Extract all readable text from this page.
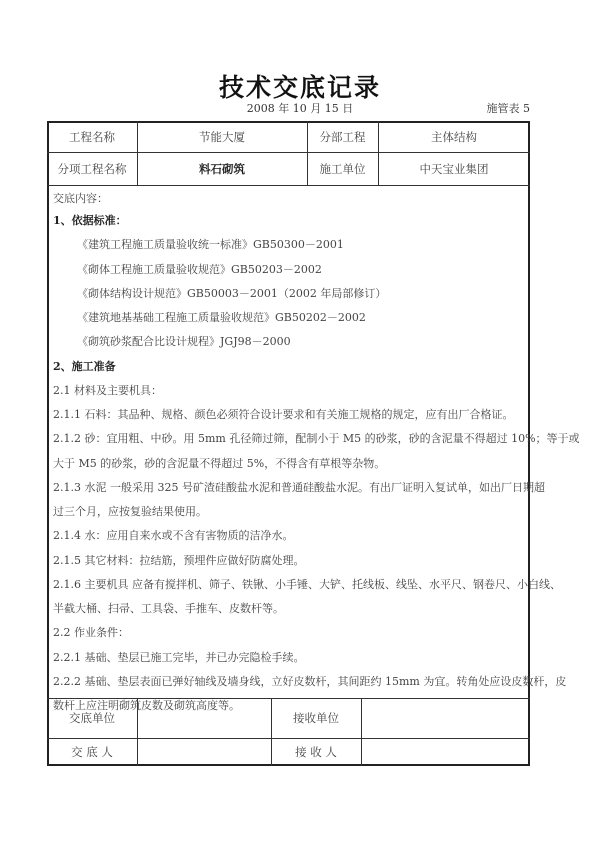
技术交底记录
2008 年 10 月 15 日	施管表 5
工程名称	节能大厦	分部工程	主体结构
分项工程名称	料石砌筑	施工单位	中天宝业集团
交底内容：
1、依据标准：
《建筑工程施工质量验收统一标准》GB50300－2001
《砌体工程施工质量验收规范》GB50203－2002
《砌体结构设计规范》GB50003－2001（2002 年局部修订）
《建筑地基基础工程施工质量验收规范》GB50202－2002
《砌筑砂浆配合比设计规程》JGJ98－2000
2、施工准备
2.1 材料及主要机具：
2.1.1 石料：其品种、规格、颜色必须符合设计要求和有关施工规格的规定，应有出厂合格证。
2.1.2 砂：宜用粗、中砂。用 5mm 孔径筛过筛，配制小于 M5 的砂浆，砂的含泥量不得超过 10%；等于或
大于 M5 的砂浆，砂的含泥量不得超过 5%，不得含有草根等杂物。
2.1.3 水泥 一般采用 325 号矿渣硅酸盐水泥和普通硅酸盐水泥。有出厂证明入复试单，如出厂日期超
过三个月，应按复验结果使用。
2.1.4 水：应用自来水或不含有害物质的洁净水。
2.1.5 其它材料：拉结筋，预埋件应做好防腐处理。
2.1.6 主要机具 应备有搅拌机、筛子、铁锹、小手锤、大铲、托线板、线坠、水平尺、钢卷尺、小白线、
半截大桶、扫帚、工具袋、手推车、皮数杆等。
2.2 作业条件：
2.2.1 基础、垫层已施工完毕，并已办完隐检手续。
2.2.2 基础、垫层表面已弹好轴线及墙身线，立好皮数杆，其间距约 15mm 为宜。转角处应设皮数杆，皮
数杆上应注明砌筑皮数及砌筑高度等。
交底单位	接收单位
交 底 人	接 收 人
